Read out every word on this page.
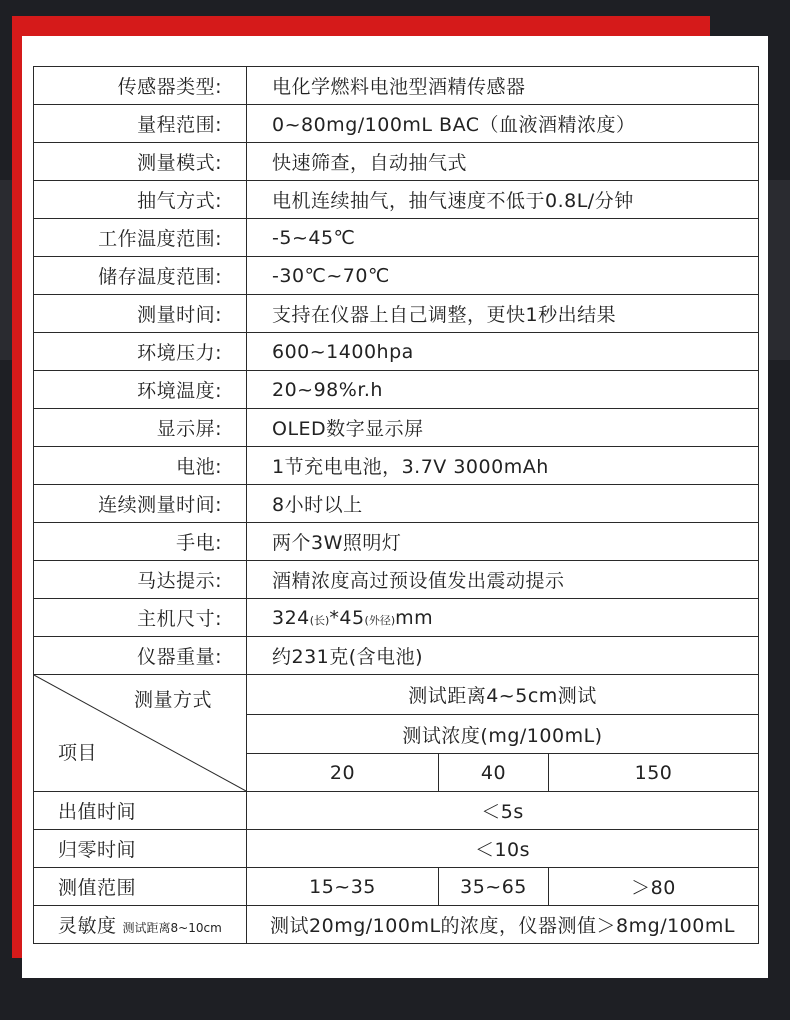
传感器类型:	电化学燃料电池型酒精传感器		
量程范围:	0~80mg/100mL BAC（血液酒精浓度）		
测量模式:	快速筛查，自动抽气式		
抽气方式:	电机连续抽气，抽气速度不低于0.8L/分钟		
工作温度范围:	-5~45℃		
储存温度范围:	-30℃~70℃		
测量时间:	支持在仪器上自己调整，更快1秒出结果		
环境压力:	600~1400hpa		
环境温度:	20~98%r.h		
显示屏:	OLED数字显示屏		
电池:	1节充电电池，3.7V 3000mAh		
连续测量时间:	8小时以上		
手电:	两个3W照明灯		
马达提示:	酒精浓度高过预设值发出震动提示		
主机尺寸:	324(长)*45(外径)mm		
仪器重量:	约231克(含电池)		

测量方式
项目	测试距离4~5cm测试		
	测试浓度(mg/100mL)		
	20	40	150
出值时间	＜5s		
归零时间	＜10s		
测值范围	15~35	35~65	＞80
灵敏度 测试距离8~10cm	测试20mg/100mL的浓度，仪器测值＞8mg/100mL		
